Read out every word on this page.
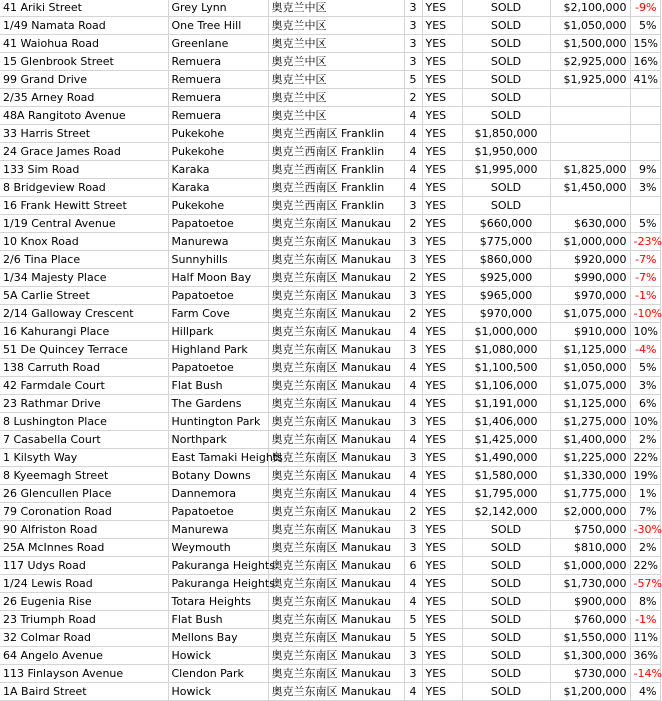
41 Ariki Street	Grey Lynn	奥克兰中区	3	YES	SOLD	$2,100,000	-9%
1/49 Namata Road	One Tree Hill	奥克兰中区	3	YES	SOLD	$1,050,000	5%
41 Waiohua Road	Greenlane	奥克兰中区	3	YES	SOLD	$1,500,000	15%
15 Glenbrook Street	Remuera	奥克兰中区	3	YES	SOLD	$2,925,000	16%
99 Grand Drive	Remuera	奥克兰中区	5	YES	SOLD	$1,925,000	41%
2/35 Arney Road	Remuera	奥克兰中区	2	YES	SOLD		
48A Rangitoto Avenue	Remuera	奥克兰中区	4	YES	SOLD		
33 Harris Street	Pukekohe	奥克兰西南区 Franklin	4	YES	$1,850,000		
24 Grace James Road	Pukekohe	奥克兰西南区 Franklin	4	YES	$1,950,000		
133 Sim Road	Karaka	奥克兰西南区 Franklin	4	YES	$1,995,000	$1,825,000	9%
8 Bridgeview Road	Karaka	奥克兰西南区 Franklin	4	YES	SOLD	$1,450,000	3%
16 Frank Hewitt Street	Pukekohe	奥克兰西南区 Franklin	3	YES	SOLD		
1/19 Central Avenue	Papatoetoe	奥克兰东南区 Manukau	2	YES	$660,000	$630,000	5%
10 Knox Road	Manurewa	奥克兰东南区 Manukau	3	YES	$775,000	$1,000,000	-23%
2/6 Tina Place	Sunnyhills	奥克兰东南区 Manukau	3	YES	$860,000	$920,000	-7%
1/34 Majesty Place	Half Moon Bay	奥克兰东南区 Manukau	2	YES	$925,000	$990,000	-7%
5A Carlie Street	Papatoetoe	奥克兰东南区 Manukau	3	YES	$965,000	$970,000	-1%
2/14 Galloway Crescent	Farm Cove	奥克兰东南区 Manukau	2	YES	$970,000	$1,075,000	-10%
16 Kahurangi Place	Hillpark	奥克兰东南区 Manukau	4	YES	$1,000,000	$910,000	10%
51 De Quincey Terrace	Highland Park	奥克兰东南区 Manukau	3	YES	$1,080,000	$1,125,000	-4%
138 Carruth Road	Papatoetoe	奥克兰东南区 Manukau	4	YES	$1,100,500	$1,050,000	5%
42 Farmdale Court	Flat Bush	奥克兰东南区 Manukau	4	YES	$1,106,000	$1,075,000	3%
23 Rathmar Drive	The Gardens	奥克兰东南区 Manukau	4	YES	$1,191,000	$1,125,000	6%
8 Lushington Place	Huntington Park	奥克兰东南区 Manukau	3	YES	$1,406,000	$1,275,000	10%
7 Casabella Court	Northpark	奥克兰东南区 Manukau	4	YES	$1,425,000	$1,400,000	2%
1 Kilsyth Way	East Tamaki Heights	奥克兰东南区 Manukau	3	YES	$1,490,000	$1,225,000	22%
8 Kyeemagh Street	Botany Downs	奥克兰东南区 Manukau	4	YES	$1,580,000	$1,330,000	19%
26 Glencullen Place	Dannemora	奥克兰东南区 Manukau	4	YES	$1,795,000	$1,775,000	1%
79 Coronation Road	Papatoetoe	奥克兰东南区 Manukau	2	YES	$2,142,000	$2,000,000	7%
90 Alfriston Road	Manurewa	奥克兰东南区 Manukau	3	YES	SOLD	$750,000	-30%
25A McInnes Road	Weymouth	奥克兰东南区 Manukau	3	YES	SOLD	$810,000	2%
117 Udys Road	Pakuranga Heights	奥克兰东南区 Manukau	6	YES	SOLD	$1,000,000	22%
1/24 Lewis Road	Pakuranga Heights	奥克兰东南区 Manukau	4	YES	SOLD	$1,730,000	-57%
26 Eugenia Rise	Totara Heights	奥克兰东南区 Manukau	4	YES	SOLD	$900,000	8%
23 Triumph Road	Flat Bush	奥克兰东南区 Manukau	5	YES	SOLD	$760,000	-1%
32 Colmar Road	Mellons Bay	奥克兰东南区 Manukau	5	YES	SOLD	$1,550,000	11%
64 Angelo Avenue	Howick	奥克兰东南区 Manukau	3	YES	SOLD	$1,300,000	36%
113 Finlayson Avenue	Clendon Park	奥克兰东南区 Manukau	3	YES	SOLD	$730,000	-14%
1A Baird Street	Howick	奥克兰东南区 Manukau	4	YES	SOLD	$1,200,000	4%
